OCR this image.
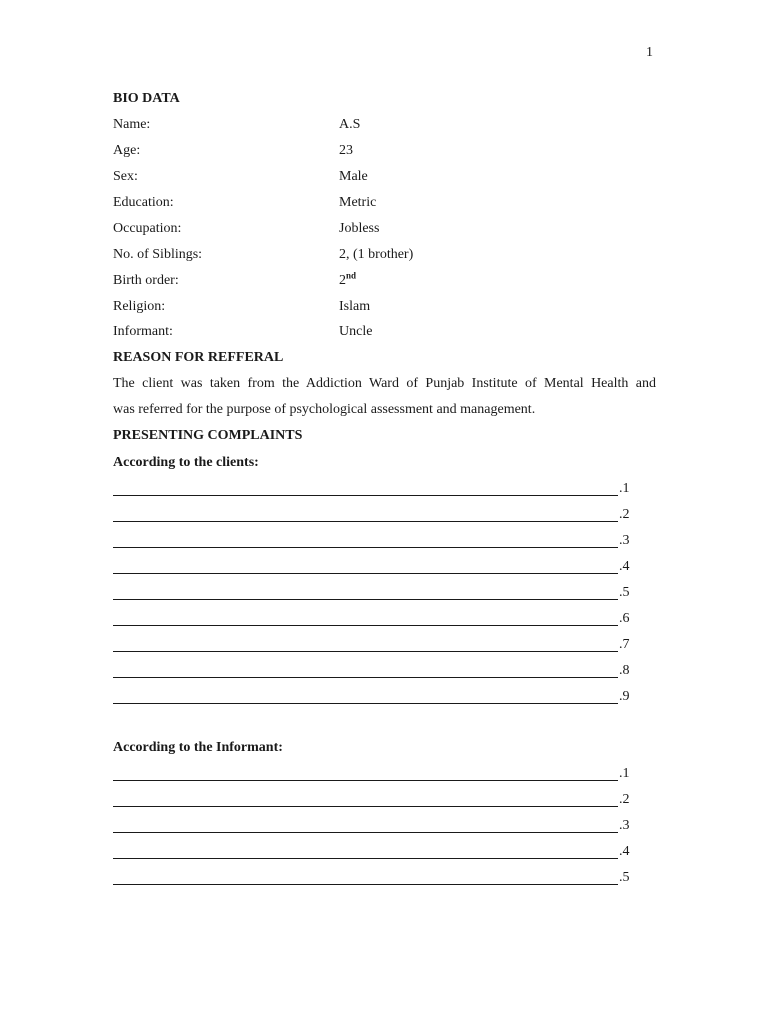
1
BIO DATA
Name:	A.S
Age:	23
Sex:	Male
Education:	Metric
Occupation:	Jobless
No. of Siblings:	2, (1 brother)
Birth order:	2nd
Religion:	Islam
Informant:	Uncle
REASON FOR REFFERAL
The client was taken from the Addiction Ward of Punjab Institute of Mental Health and
was referred for the purpose of psychological assessment and management.
PRESENTING COMPLAINTS
According to the clients:
.1
.2
.3
.4
.5
.6
.7
.8
.9
According to the Informant:
.1
.2
.3
.4
.5
